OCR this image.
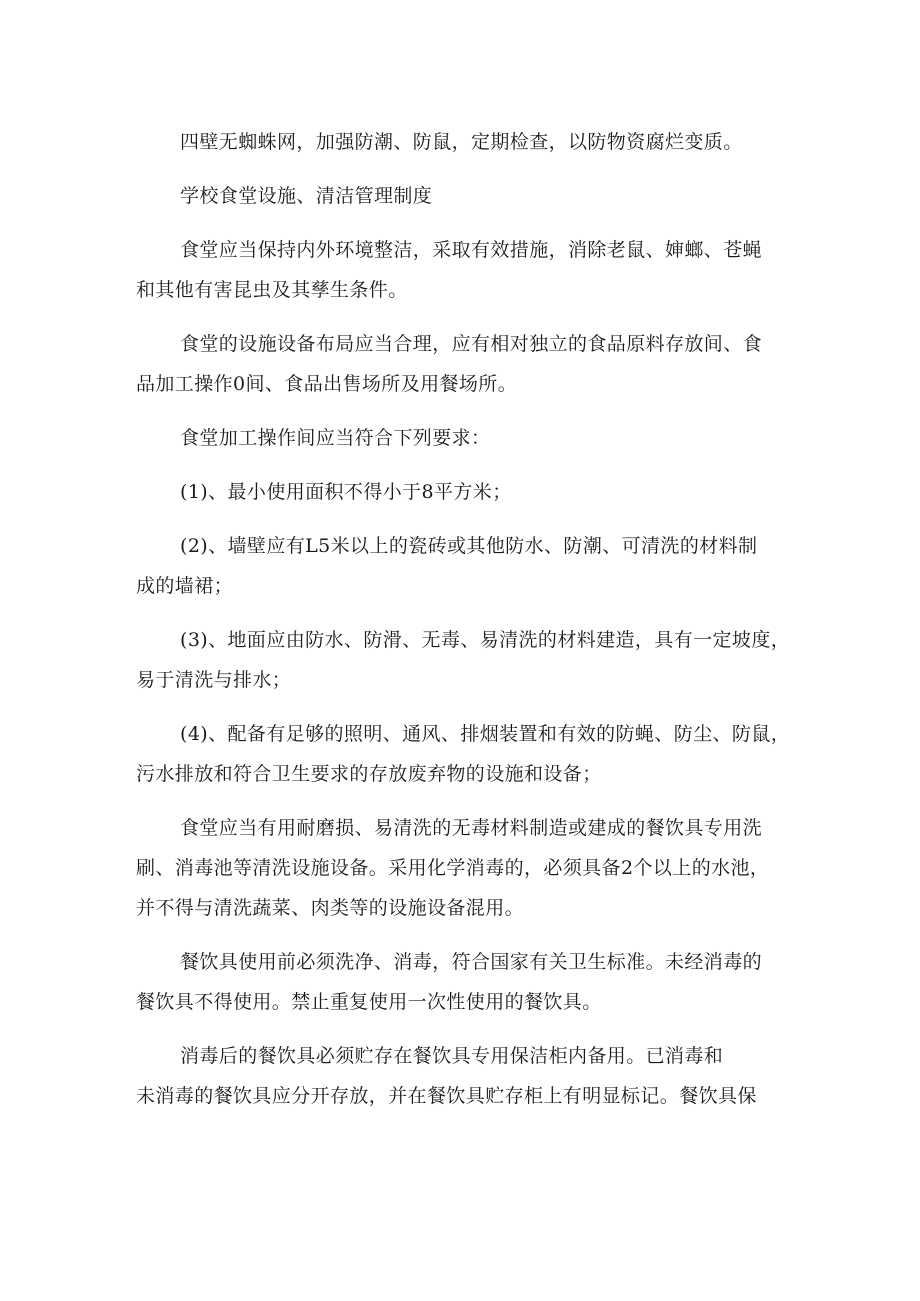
四壁无蜘蛛网，加强防潮、防鼠，定期检查，以防物资腐烂变质。

学校食堂设施、清洁管理制度

食堂应当保持内外环境整洁，采取有效措施，消除老鼠、婶螂、苍蝇
和其他有害昆虫及其孳生条件。

食堂的设施设备布局应当合理，应有相对独立的食品原料存放间、食
品加工操作0间、食品出售场所及用餐场所。

食堂加工操作间应当符合下列要求：

(1)、最小使用面积不得小于8平方米；

(2)、墙壁应有L5米以上的瓷砖或其他防水、防潮、可清洗的材料制
成的墙裙；

(3)、地面应由防水、防滑、无毒、易清洗的材料建造，具有一定坡度，
易于清洗与排水；

(4)、配备有足够的照明、通风、排烟装置和有效的防蝇、防尘、防鼠，
污水排放和符合卫生要求的存放废弃物的设施和设备；

食堂应当有用耐磨损、易清洗的无毒材料制造或建成的餐饮具专用洗
刷、消毒池等清洗设施设备。采用化学消毒的，必须具备2个以上的水池，
并不得与清洗蔬菜、肉类等的设施设备混用。

餐饮具使用前必须洗净、消毒，符合国家有关卫生标准。未经消毒的
餐饮具不得使用。禁止重复使用一次性使用的餐饮具。

消毒后的餐饮具必须贮存在餐饮具专用保洁柜内备用。已消毒和
未消毒的餐饮具应分开存放，并在餐饮具贮存柜上有明显标记。餐饮具保
